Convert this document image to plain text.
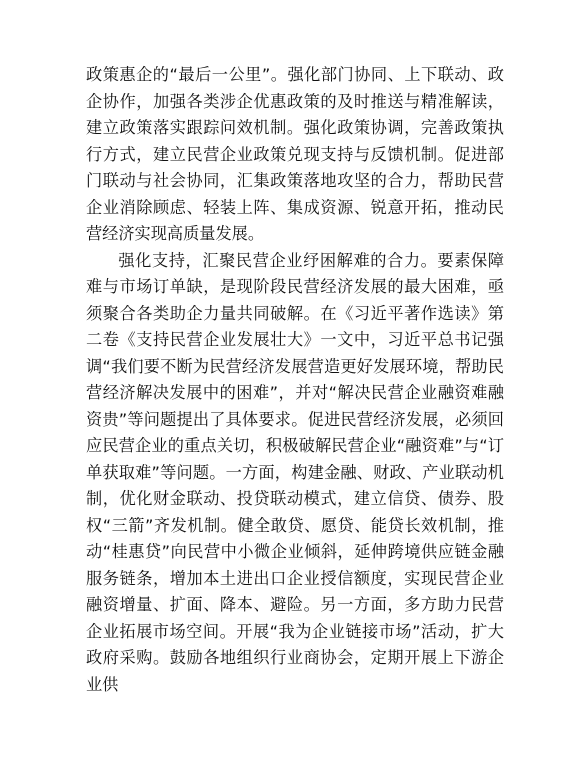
政策惠企的“最后一公里”。强化部门协同、上下联动、政企协作，加强各类涉企优惠政策的及时推送与精准解读，建立政策落实跟踪问效机制。强化政策协调，完善政策执行方式，建立民营企业政策兑现支持与反馈机制。促进部门联动与社会协同，汇集政策落地攻坚的合力，帮助民营企业消除顾虑、轻装上阵、集成资源、锐意开拓，推动民营经济实现高质量发展。

强化支持，汇聚民营企业纾困解难的合力。要素保障难与市场订单缺，是现阶段民营经济发展的最大困难，亟须聚合各类助企力量共同破解。在《习近平著作选读》第二卷《支持民营企业发展壮大》一文中，习近平总书记强调“我们要不断为民营经济发展营造更好发展环境，帮助民营经济解决发展中的困难”，并对“解决民营企业融资难融资贵”等问题提出了具体要求。促进民营经济发展，必须回应民营企业的重点关切，积极破解民营企业“融资难”与“订单获取难”等问题。一方面，构建金融、财政、产业联动机制，优化财金联动、投贷联动模式，建立信贷、债券、股权“三箭”齐发机制。健全敢贷、愿贷、能贷长效机制，推动“桂惠贷”向民营中小微企业倾斜，延伸跨境供应链金融服务链条，增加本土进出口企业授信额度，实现民营企业融资增量、扩面、降本、避险。另一方面，多方助力民营企业拓展市场空间。开展“我为企业链接市场”活动，扩大政府采购。鼓励各地组织行业商协会，定期开展上下游企业供
